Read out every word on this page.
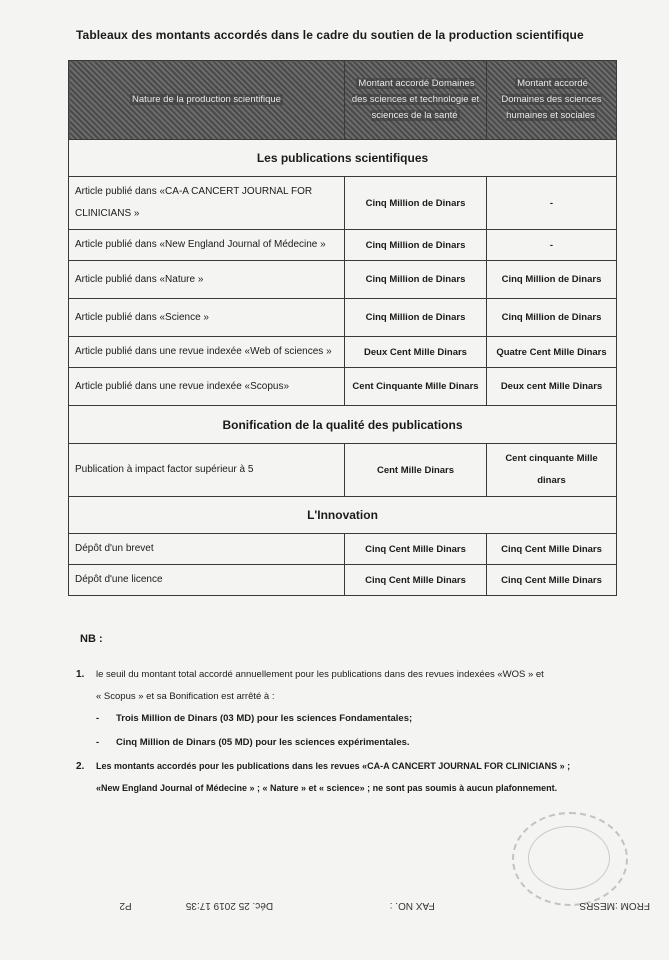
Tableaux des montants accordés dans le cadre du soutien de la production scientifique
Nature de la production scientifique	Montant accordé Domaines des sciences et technologie et sciences de la santé	Montant accordé Domaines des sciences humaines et sociales
Les publications scientifiques		
Article publié dans «CA-A CANCERT JOURNAL FOR CLINICIANS »	Cinq Million de Dinars	-
Article publié dans «New England Journal of Médecine »	Cinq Million de Dinars	-
Article publié dans «Nature »	Cinq Million de Dinars	Cinq Million de Dinars
Article publié dans «Science »	Cinq Million de Dinars	Cinq Million de Dinars
Article publié dans une revue indexée «Web of sciences »	Deux Cent Mille Dinars	Quatre Cent Mille Dinars
Article publié dans une revue indexée «Scopus»	Cent Cinquante Mille Dinars	Deux cent Mille Dinars
Bonification de la qualité des publications		
Publication à impact factor supérieur à 5	Cent Mille Dinars	Cent cinquante Mille dinars
L'Innovation		
Dépôt d'un brevet	Cinq Cent Mille Dinars	Cinq Cent Mille Dinars
Dépôt d'une licence	Cinq Cent Mille Dinars	Cinq Cent Mille Dinars
NB :
1. le seuil du montant total accordé annuellement pour les publications dans des revues indexées «WOS » et
« Scopus » et sa Bonification est arrêté à :
- Trois Million de Dinars (03 MD) pour les sciences Fondamentales;
- Cinq Million de Dinars (05 MD) pour les sciences expérimentales.
2. Les montants accordés pour les publications dans les revues «CA-A CANCERT JOURNAL FOR CLINICIANS » ;
«New England Journal of Médecine » ; « Nature » et « science» ; ne sont pas soumis à aucun plafonnement.
FROM :MESRS FAX NO. : Déc. 25 2019 17:35 P2
